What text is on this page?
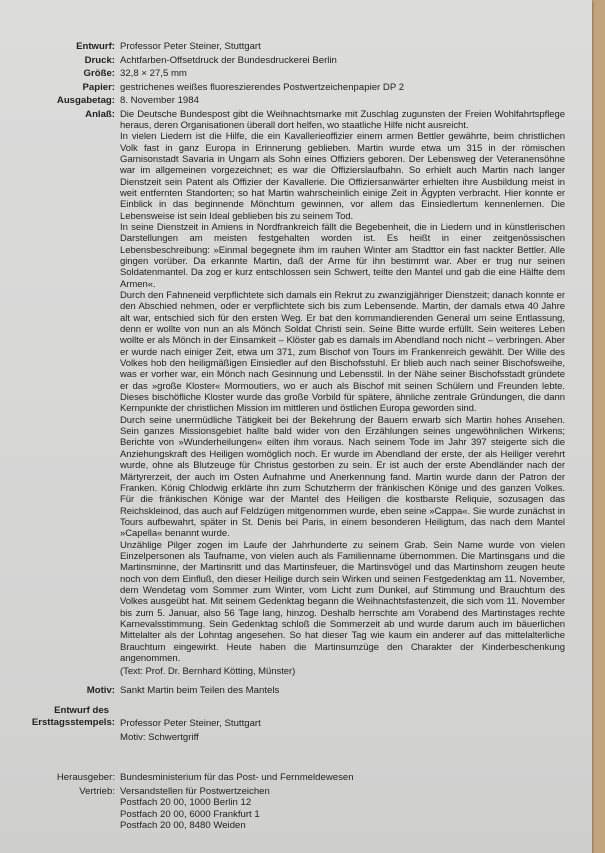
Entwurf: Professor Peter Steiner, Stuttgart
Druck: Achtfarben-Offsetdruck der Bundesdruckerei Berlin
Größe: 32,8 × 27,5 mm
Papier: gestrichenes weißes fluoreszierendes Postwertzeichenpapier DP 2
Ausgabetag: 8. November 1984
Anlaß: Die Deutsche Bundespost gibt die Weihnachtsmarke mit Zuschlag zugunsten der Freien Wohlfahrtspflege heraus, deren Organisationen überall dort helfen, wo staatliche Hilfe nicht ausreicht.

In vielen Liedern ist die Hilfe, die ein Kavallerieoffizier einem armen Bettler gewährte, beim christlichen Volk fast in ganz Europa in Erinnerung geblieben. Martin wurde etwa um 315 in der römischen Garnisonstadt Savaria in Ungarn als Sohn eines Offiziers geboren. Der Lebensweg der Veteranensöhne war im allgemeinen vorgezeichnet; es war die Offizierslaufbahn. So erhielt auch Martin nach langer Dienstzeit sein Patent als Offizier der Kavallerie. Die Offiziersanwärter erhielten ihre Ausbildung meist in weit entfernten Standorten; so hat Martin wahrscheinlich einige Zeit in Ägypten verbracht. Hier konnte er Einblick in das beginnende Mönchtum gewinnen, vor allem das Einsiedlertum kennenlernen. Die Lebensweise ist sein Ideal geblieben bis zu seinem Tod.

In seine Dienstzeit in Amiens in Nordfrankreich fällt die Begebenheit, die in Liedern und in künstlerischen Darstellungen am meisten festgehalten worden ist. Es heißt in einer zeitgenössischen Lebensbeschreibung: »Einmal begegnete ihm im rauhen Winter am Stadttor ein fast nackter Bettler. Alle gingen vorüber. Da erkannte Martin, daß der Arme für ihn bestimmt war. Aber er trug nur seinen Soldatenmantel. Da zog er kurz entschlossen sein Schwert, teilte den Mantel und gab die eine Hälfte dem Armen«.

Durch den Fahneneid verpflichtete sich damals ein Rekrut zu zwanzigjähriger Dienstzeit; danach konnte er den Abschied nehmen, oder er verpflichtete sich bis zum Lebensende. Martin, der damals etwa 40 Jahre alt war, entschied sich für den ersten Weg. Er bat den kommandierenden General um seine Entlassung, denn er wollte von nun an als Mönch Soldat Christi sein. Seine Bitte wurde erfüllt. Sein weiteres Leben wollte er als Mönch in der Einsamkeit – Klöster gab es damals im Abendland noch nicht – verbringen. Aber er wurde nach einiger Zeit, etwa um 371, zum Bischof von Tours im Frankenreich gewählt. Der Wille des Volkes hob den heiligmäßigen Einsiedler auf den Bischofsstuhl. Er blieb auch nach seiner Bischofsweihe, was er vorher war, ein Mönch nach Gesinnung und Lebensstil. In der Nähe seiner Bischofsstadt gründete er das »große Kloster« Mormoutiers, wo er auch als Bischof mit seinen Schülern und Freunden lebte. Dieses bischöfliche Kloster wurde das große Vorbild für spätere, ähnliche zentrale Gründungen, die dann Kernpunkte der christlichen Mission im mittleren und östlichen Europa geworden sind.

Durch seine unermüdliche Tätigkeit bei der Bekehrung der Bauern erwarb sich Martin hohes Ansehen. Sein ganzes Missionsgebiet hallte bald wider von den Erzählungen seines ungewöhnlichen Wirkens; Berichte von »Wunderheilungen« eilten ihm voraus. Nach seinem Tode im Jahr 397 steigerte sich die Anziehungskraft des Heiligen womöglich noch. Er wurde im Abendland der erste, der als Heiliger verehrt wurde, ohne als Blutzeuge für Christus gestorben zu sein. Er ist auch der erste Abendländer nach der Märtyrerzeit, der auch im Osten Aufnahme und Anerkennung fand. Martin wurde dann der Patron der Franken. König Chlodwig erklärte ihn zum Schutzherrn der fränkischen Könige und des ganzen Volkes. Für die fränkischen Könige war der Mantel des Heiligen die kostbarste Reliquie, sozusagen das Reichskleinod, das auch auf Feldzügen mitgenommen wurde, eben seine »Cappa«. Sie wurde zunächst in Tours aufbewahrt, später in St. Denis bei Paris, in einem besonderen Heiligtum, das nach dem Mantel »Capella« benannt wurde.

Unzählige Pilger zogen im Laufe der Jahrhunderte zu seinem Grab. Sein Name wurde von vielen Einzelpersonen als Taufname, von vielen auch als Familienname übernommen. Die Martinsgans und die Martinsminne, der Martinsritt und das Martinsfeuer, die Martinsvögel und das Martinshorn zeugen heute noch von dem Einfluß, den dieser Heilige durch sein Wirken und seinen Festgedenktag am 11. November, dem Wendetag vom Sommer zum Winter, vom Licht zum Dunkel, auf Stimmung und Brauchtum des Volkes ausgeübt hat. Mit seinem Gedenktag begann die Weihnachtsfastenzeit, die sich vom 11. November bis zum 5. Januar, also 56 Tage lang, hinzog. Deshalb herrschte am Vorabend des Martinstages rechte Karnevalsstimmung. Sein Gedenktag schloß die Sommerzeit ab und wurde darum auch im bäuerlichen Mittelalter als der Lohntag angesehen. So hat dieser Tag wie kaum ein anderer auf das mittelalterliche Brauchtum eingewirkt. Heute haben die Martinsumzüge den Charakter der Kinderbeschenkung angenommen.

(Text: Prof. Dr. Bernhard Kötting, Münster)

Motiv: Sankt Martin beim Teilen des Mantels
Entwurf des
Ersttagsstempels: Professor Peter Steiner, Stuttgart
Motiv: Schwertgriff
Herausgeber: Bundesministerium für das Post- und Fernmeldewesen
Vertrieb: Versandstellen für Postwertzeichen
Postfach 20 00, 1000 Berlin 12
Postfach 20 00, 6000 Frankfurt 1
Postfach 20 00, 8480 Weiden
